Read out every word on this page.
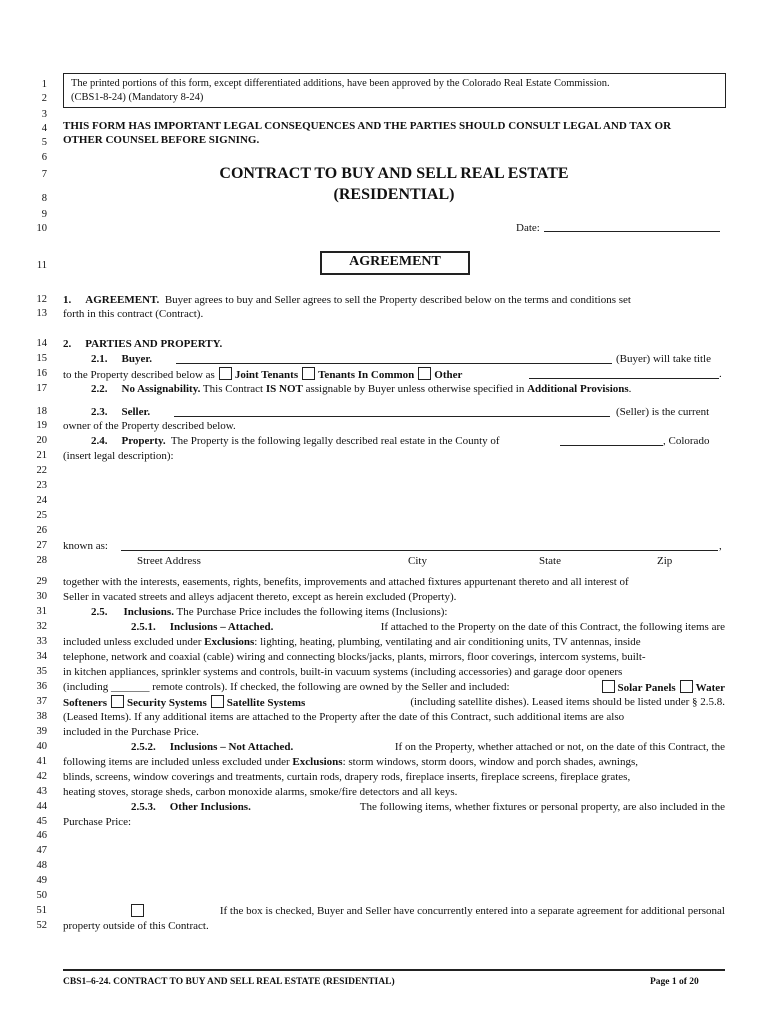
1
2
3
4
5
6
7
8
9
10
11
12
13
14
15
16
17
18
19
20
21
22
23
24
25
26
27
28
29
30
31
32
33
34
35
36
37
38
39
40
41
42
43
44
45
46
47
48
49
50
51
52
The printed portions of this form, except differentiated additions, have been approved by the Colorado Real Estate Commission.
(CBS1-8-24) (Mandatory 8-24)
THIS FORM HAS IMPORTANT LEGAL CONSEQUENCES AND THE PARTIES SHOULD CONSULT LEGAL AND TAX OR
OTHER COUNSEL BEFORE SIGNING.
CONTRACT TO BUY AND SELL REAL ESTATE
(RESIDENTIAL)
Date:
AGREEMENT
1. AGREEMENT. Buyer agrees to buy and Seller agrees to sell the Property described below on the terms and conditions set
forth in this contract (Contract).
2. PARTIES AND PROPERTY.
2.1. Buyer.	(Buyer) will take title
to the Property described below as Joint Tenants Tenants In Common Other	.
2.2. No Assignability. This Contract IS NOT assignable by Buyer unless otherwise specified in Additional Provisions.
2.3. Seller.	(Seller) is the current
owner of the Property described below.
2.4. Property. The Property is the following legally described real estate in the County of	, Colorado
(insert legal description):
known as:	,
Street Address	City	State	Zip
together with the interests, easements, rights, benefits, improvements and attached fixtures appurtenant thereto and all interest of
Seller in vacated streets and alleys adjacent thereto, except as herein excluded (Property).
2.5. Inclusions. The Purchase Price includes the following items (Inclusions):
2.5.1. Inclusions – Attached.	If attached to the Property on the date of this Contract, the following items are
included unless excluded under Exclusions: lighting, heating, plumbing, ventilating and air conditioning units, TV antennas, inside
telephone, network and coaxial (cable) wiring and connecting blocks/jacks, plants, mirrors, floor coverings, intercom systems, built-
in kitchen appliances, sprinkler systems and controls, built-in vacuum systems (including accessories) and garage door openers
(including _______ remote controls). If checked, the following are owned by the Seller and included:	Solar Panels Water
Softeners Security Systems Satellite Systems	(including satellite dishes). Leased items should be listed under § 2.5.8.
(Leased Items). If any additional items are attached to the Property after the date of this Contract, such additional items are also
included in the Purchase Price.
2.5.2. Inclusions – Not Attached.	If on the Property, whether attached or not, on the date of this Contract, the
following items are included unless excluded under Exclusions: storm windows, storm doors, window and porch shades, awnings,
blinds, screens, window coverings and treatments, curtain rods, drapery rods, fireplace inserts, fireplace screens, fireplace grates,
heating stoves, storage sheds, carbon monoxide alarms, smoke/fire detectors and all keys.
2.5.3. Other Inclusions.	The following items, whether fixtures or personal property, are also included in the
Purchase Price:
If the box is checked, Buyer and Seller have concurrently entered into a separate agreement for additional personal
property outside of this Contract.
CBS1–6-24. CONTRACT TO BUY AND SELL REAL ESTATE (RESIDENTIAL)	Page 1 of 20
